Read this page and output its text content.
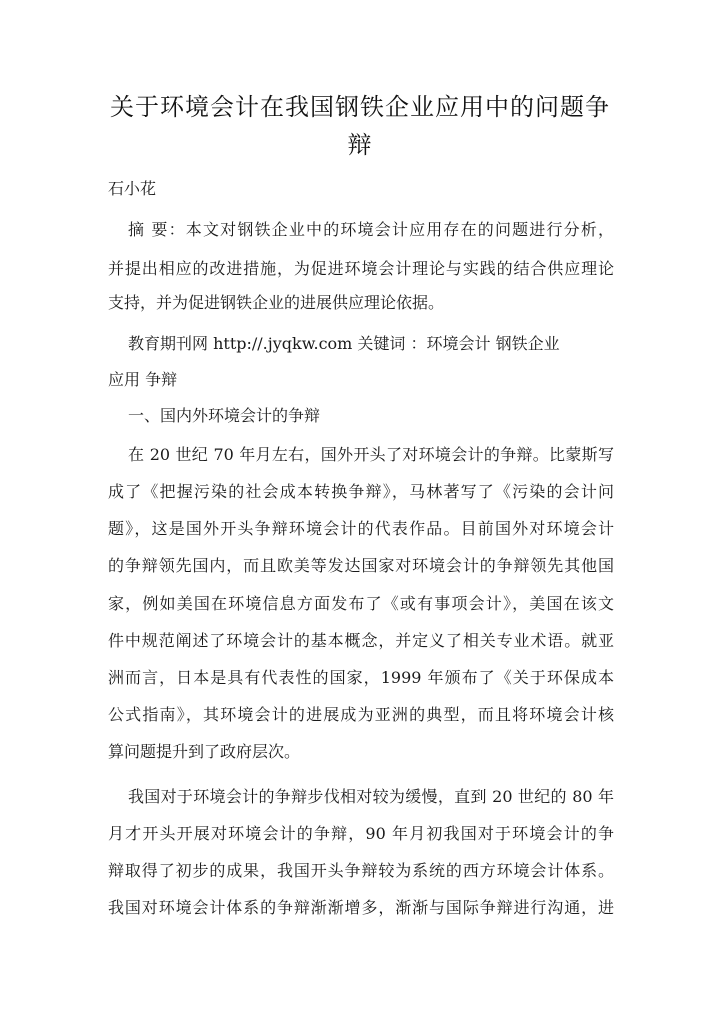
关于环境会计在我国钢铁企业应用中的问题争辩
石小花
摘 要：本文对钢铁企业中的环境会计应用存在的问题进行分析，
并提出相应的改进措施，为促进环境会计理论与实践的结合供应理论
支持，并为促进钢铁企业的进展供应理论依据。
教育期刊网 http://.jyqkw.com 关键词 ：环境会计 钢铁企业
应用 争辩
一、国内外环境会计的争辩
在 20 世纪 70 年月左右，国外开头了对环境会计的争辩。比蒙斯写
成了《把握污染的社会成本转换争辩》，马林著写了《污染的会计问
题》，这是国外开头争辩环境会计的代表作品。目前国外对环境会计
的争辩领先国内，而且欧美等发达国家对环境会计的争辩领先其他国
家，例如美国在环境信息方面发布了《或有事项会计》，美国在该文
件中规范阐述了环境会计的基本概念，并定义了相关专业术语。就亚
洲而言，日本是具有代表性的国家，1999 年颁布了《关于环保成本
公式指南》，其环境会计的进展成为亚洲的典型，而且将环境会计核
算问题提升到了政府层次。
我国对于环境会计的争辩步伐相对较为缓慢，直到 20 世纪的 80 年
月才开头开展对环境会计的争辩，90 年月初我国对于环境会计的争
辩取得了初步的成果，我国开头争辩较为系统的西方环境会计体系。
我国对环境会计体系的争辩渐渐增多，渐渐与国际争辩进行沟通，进
